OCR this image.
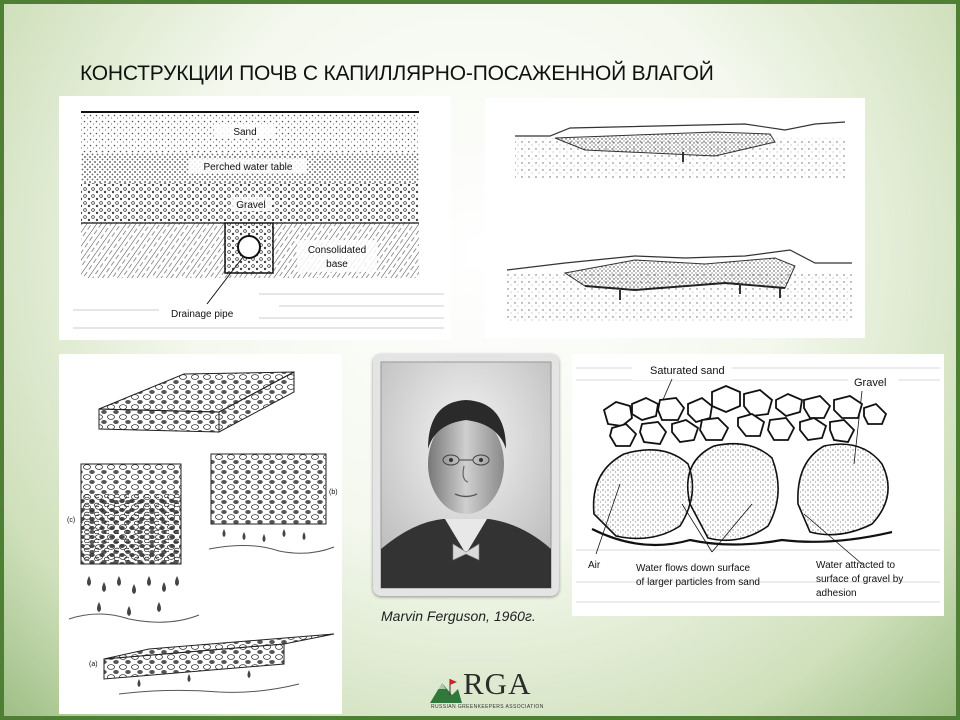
КОНСТРУКЦИИ ПОЧВ С КАПИЛЛЯРНО-ПОСАЖЕННОЙ ВЛАГОЙ
Sand
Perched water table
Gravel
Consolidated
base
Drainage pipe
(c)
(b)
(a)
Marvin Ferguson, 1960г.
Saturated sand
Gravel
Air	Water flows down surface
of larger particles from sand
Water attracted to
surface of gravel by
adhesion
RGA
RUSSIAN GREENKEEPERS ASSOCIATION
